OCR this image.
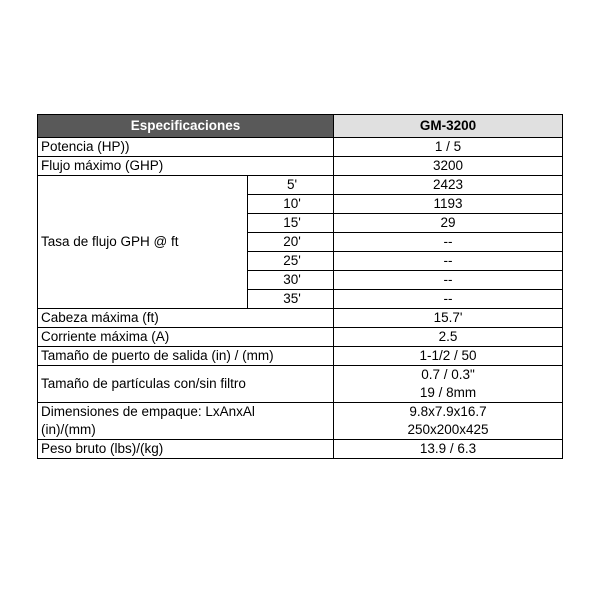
Especificaciones		GM-3200
Potencia (HP))		1 / 5
Flujo máximo (GHP)		3200
Tasa de flujo GPH @ ft	5'	2423
	10'	1193
	15'	29
	20'	--
	25'	--
	30'	--
	35'	--
Cabeza máxima (ft)		15.7'
Corriente máxima (A)		2.5
Tamaño de puerto de salida (in) / (mm)		1-1/2 / 50
Tamaño de partículas con/sin filtro		0.7 / 0.3"
19 / 8mm

Dimensiones de empaque: LxAnxAl
(in)/(mm)		9.8x7.9x16.7
250x200x425

Peso bruto (lbs)/(kg)		13.9 / 6.3
